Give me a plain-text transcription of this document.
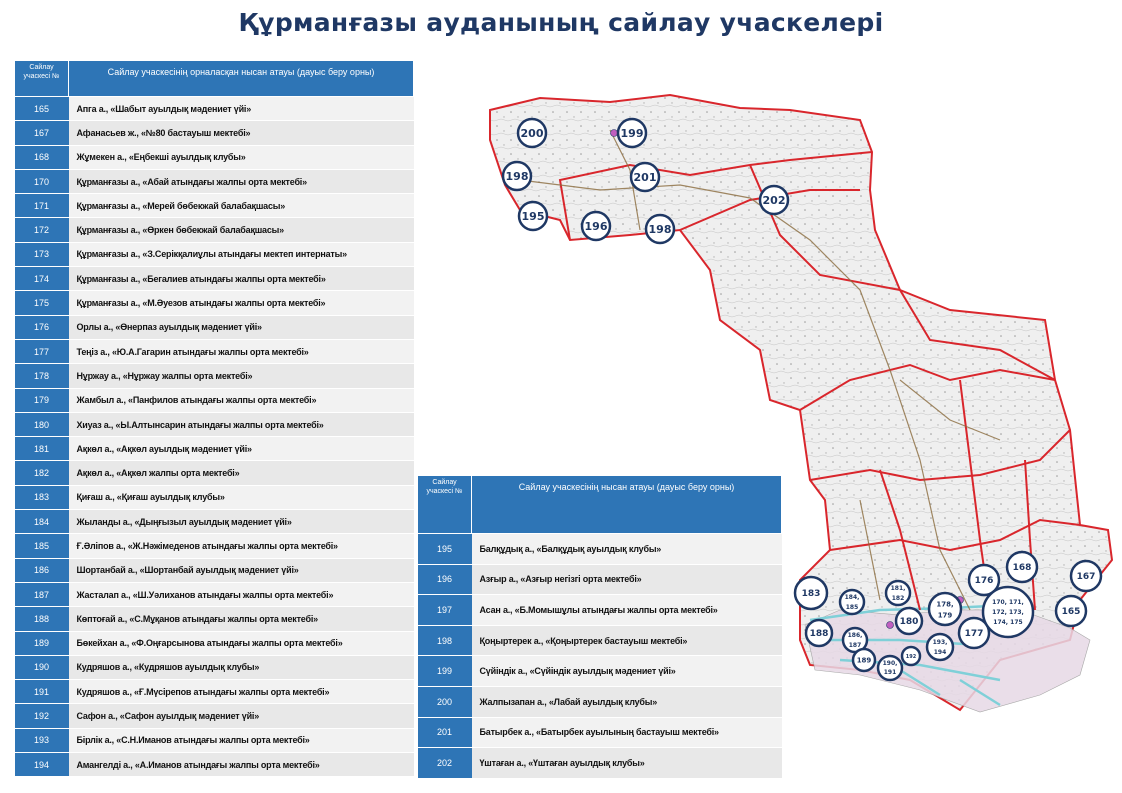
Құрманғазы ауданының сайлау учаскелері
Сайлау учаскесі №	Сайлау учаскесінің орналасқан нысан атауы (дауыс беру орны)
165	Апга а., «Шабыт ауылдық мәдениет үйі»
167	Афанасьев ж., «№80 бастауыш мектебі»
168	Жұмекен а., «Еңбекші ауылдық клубы»
170	Құрманғазы а., «Абай атындағы жалпы орта мектебі»
171	Құрманғазы а., «Мерей бөбекжай балабақшасы»
172	Құрманғазы а., «Өркен бөбекжай балабақшасы»
173	Құрманғазы а., «З.Серікқалиұлы атындағы мектеп интернаты»
174	Құрманғазы а., «Бегалиев атындағы жалпы орта мектебі»
175	Құрманғазы а., «М.Әуезов атындағы жалпы орта мектебі»
176	Орлы а., «Өнерпаз ауылдық мәдениет үйі»
177	Теңіз а., «Ю.А.Гагарин атындағы жалпы орта мектебі»
178	Нұржау а., «Нұржау жалпы орта мектебі»
179	Жамбыл а., «Панфилов атындағы жалпы орта мектебі»
180	Хиуаз а., «Ы.Алтынсарин атындағы жалпы орта мектебі»
181	Ақкөл а., «Ақкөл ауылдық мәдениет үйі»
182	Ақкөл а., «Ақкөл жалпы орта мектебі»
183	Қиғаш а., «Қиғаш ауылдық клубы»
184	Жыланды а., «Дыңғызыл ауылдық мәдениет үйі»
185	Ғ.Әліпов а., «Ж.Нәжімеденов атындағы жалпы орта мектебі»
186	Шортанбай а., «Шортанбай ауылдық мәдениет үйі»
187	Жасталап а., «Ш.Уәлиханов атындағы жалпы орта мектебі»
188	Көптоғай а., «С.Мұқанов атындағы жалпы орта мектебі»
189	Бөкейхан а., «Ф.Оңғарсынова атындағы жалпы орта мектебі»
190	Кудряшов а., «Кудряшов ауылдық клубы»
191	Кудряшов а., «Ғ.Мүсірепов атындағы жалпы орта мектебі»
192	Сафон а., «Сафон ауылдық мәдениет үйі»
193	Бірлік а., «С.Н.Иманов атындағы жалпы орта мектебі»
194	Амангелді а., «А.Иманов атындағы жалпы орта мектебі»
Сайлау учаскесі №	Сайлау учаскесінің нысан атауы (дауыс беру орны)
195	Балқұдық а., «Балқұдық ауылдық клубы»
196	Азғыр а., «Азғыр негізгі орта мектебі»
197	Асан а., «Б.Момышұлы атындағы жалпы орта мектебі»
198	Қоңыртерек а., «Қоңыртерек бастауыш мектебі»
199	Сүйіндік а., «Сүйіндік ауылдық мәдениет үйі»
200	Жалпызапан а., «Лабай ауылдық клубы»
201	Батырбек а., «Батырбек ауылының бастауыш мектебі»
202	Үштаған а., «Үштаған ауылдық клубы»
200	199
198	201
202
195
196	198
183	184,
185
181,
182
188	186,
187
180
189 190,
191
192
193,
194
178,
179
177
176
168
167
165
170, 171,
172, 173,
174, 175
